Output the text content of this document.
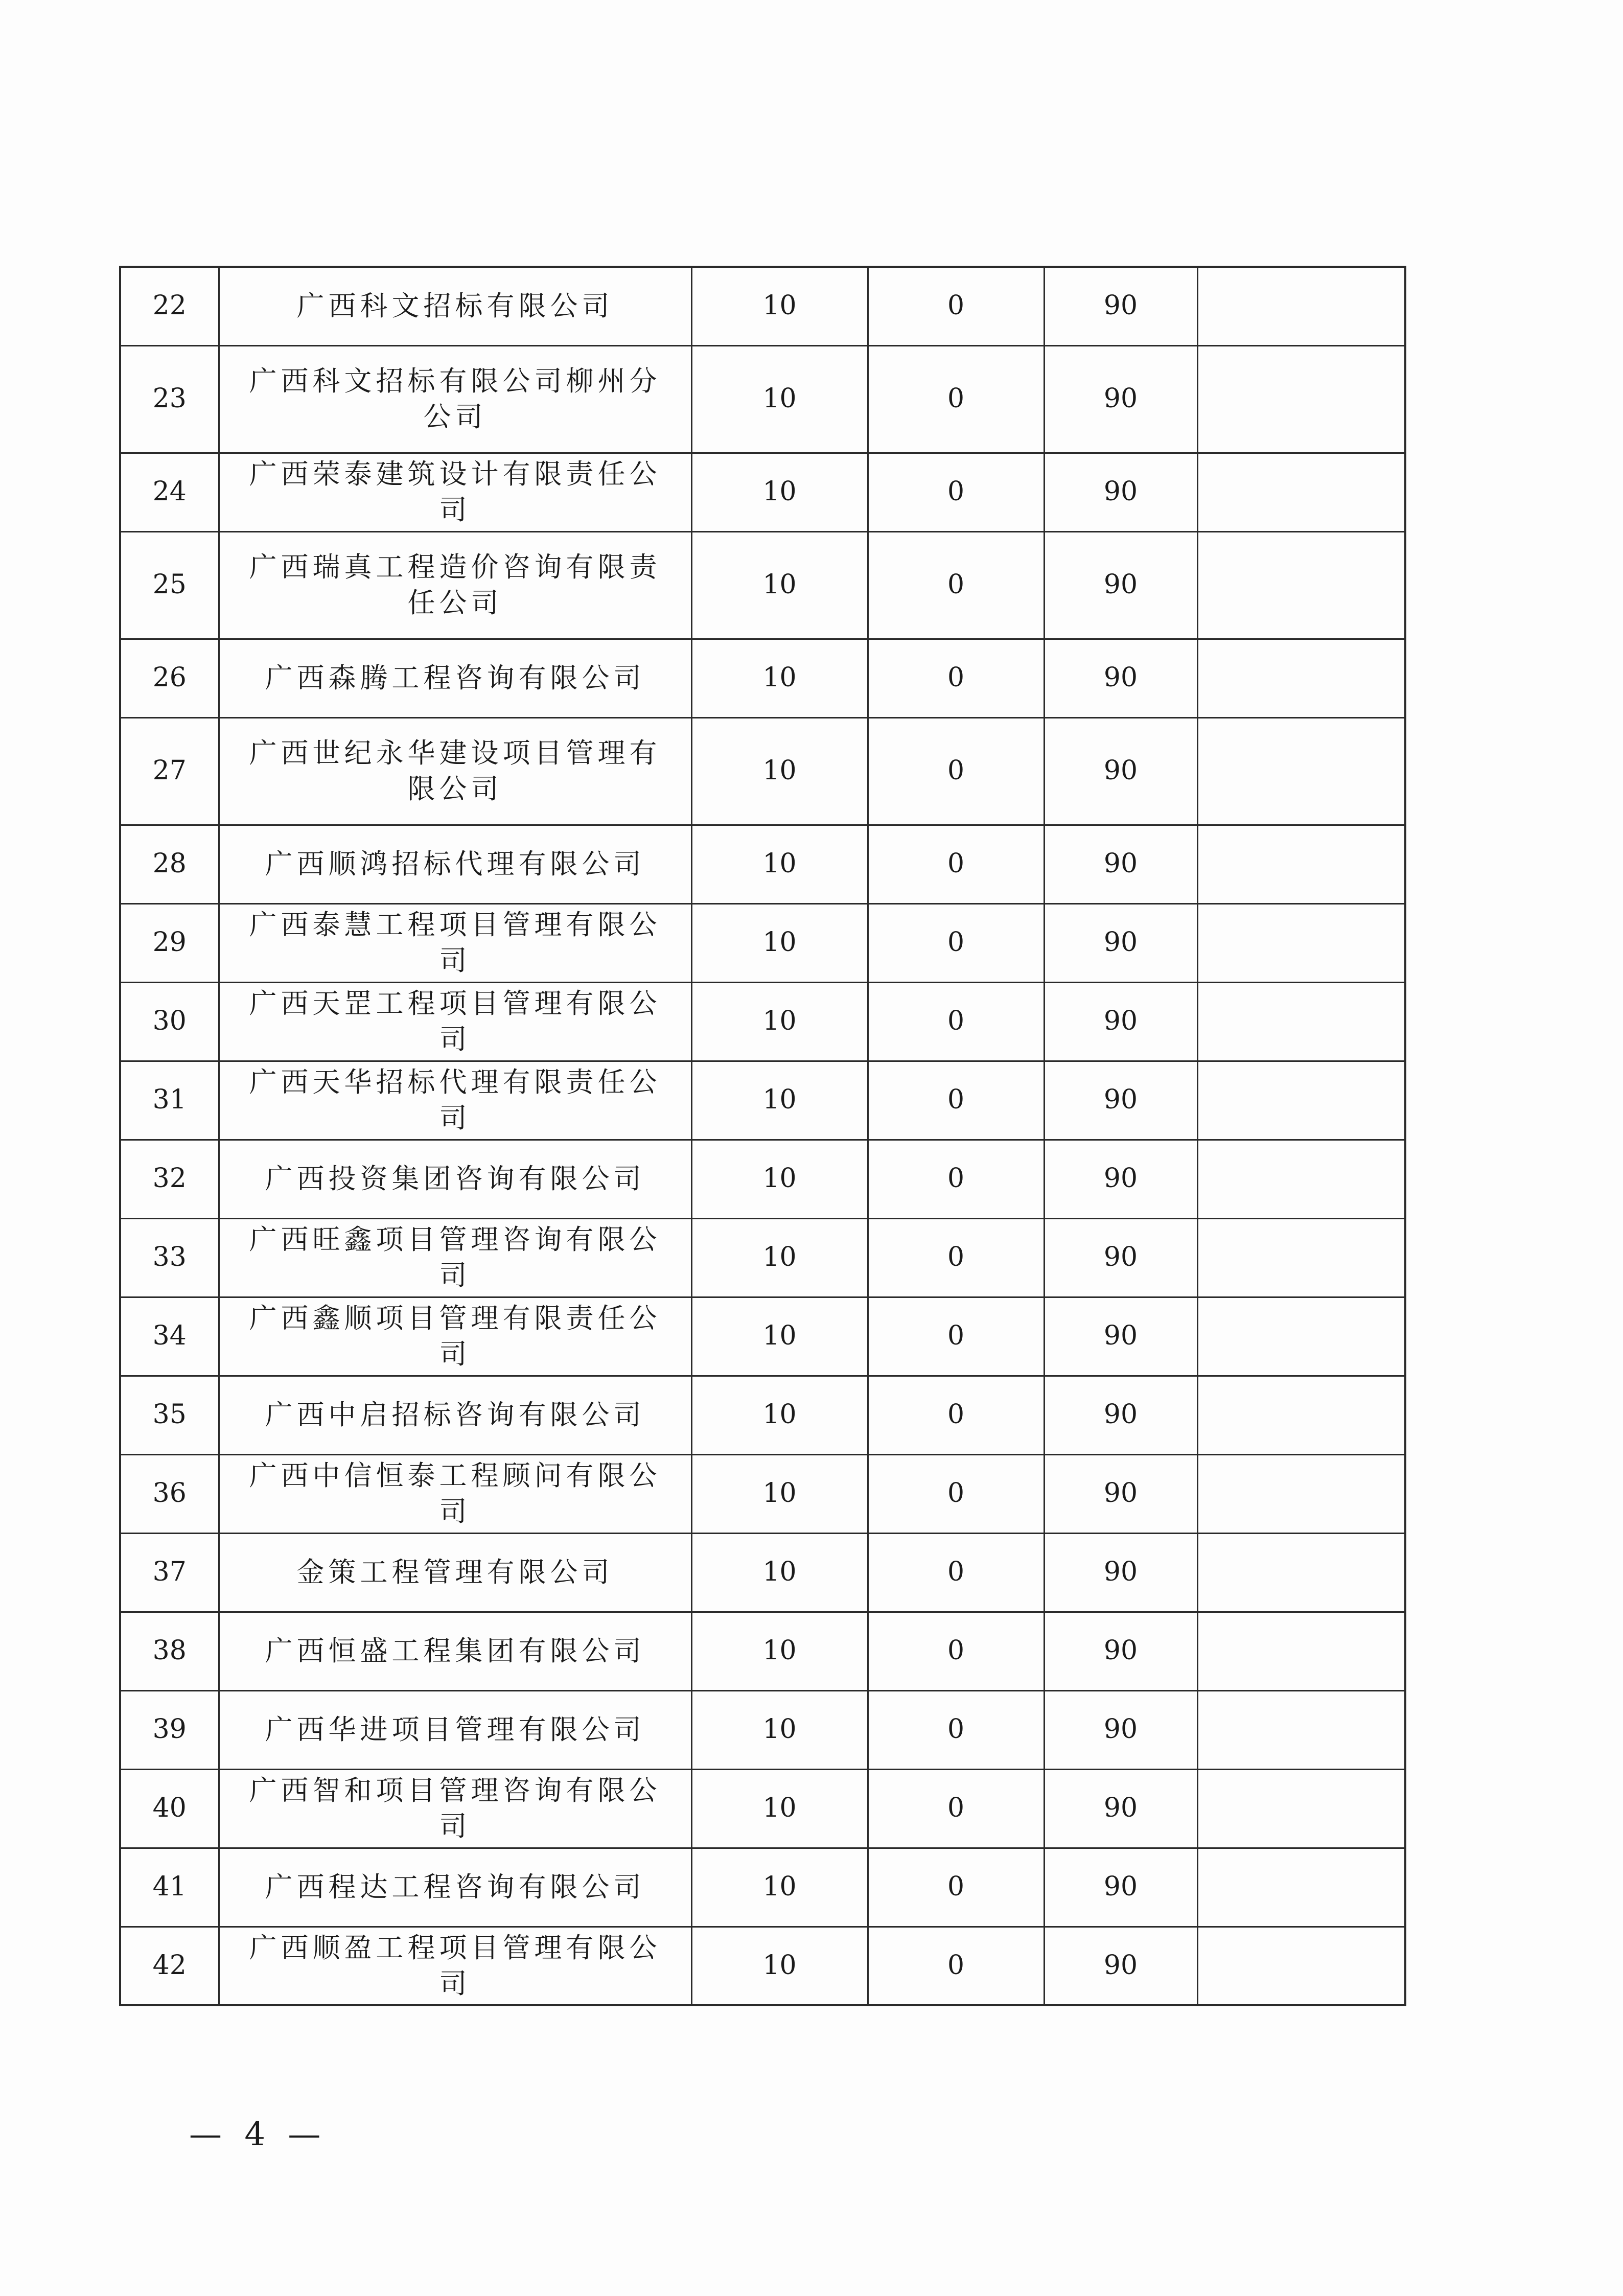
22	广西科文招标有限公司	10	0	90	
23	广西科文招标有限公司柳州分公司	10	0	90	
24	广西荣泰建筑设计有限责任公司	10	0	90	
25	广西瑞真工程造价咨询有限责任公司	10	0	90	
26	广西森腾工程咨询有限公司	10	0	90	
27	广西世纪永华建设项目管理有限公司	10	0	90	
28	广西顺鸿招标代理有限公司	10	0	90	
29	广西泰慧工程项目管理有限公司	10	0	90	
30	广西天罡工程项目管理有限公司	10	0	90	
31	广西天华招标代理有限责任公司	10	0	90	
32	广西投资集团咨询有限公司	10	0	90	
33	广西旺鑫项目管理咨询有限公司	10	0	90	
34	广西鑫顺项目管理有限责任公司	10	0	90	
35	广西中启招标咨询有限公司	10	0	90	
36	广西中信恒泰工程顾问有限公司	10	0	90	
37	金策工程管理有限公司	10	0	90	
38	广西恒盛工程集团有限公司	10	0	90	
39	广西华进项目管理有限公司	10	0	90	
40	广西智和项目管理咨询有限公司	10	0	90	
41	广西程达工程咨询有限公司	10	0	90	
42	广西顺盈工程项目管理有限公司	10	0	90	
— 4 —
